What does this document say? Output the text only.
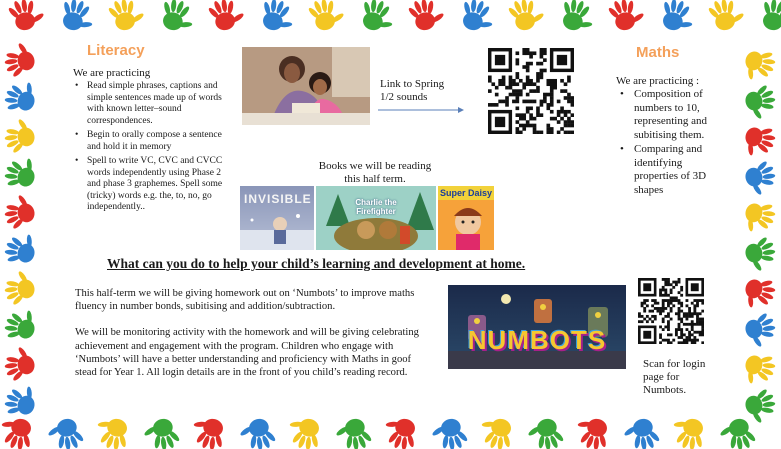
Literacy
We are practicing
• Read simple phrases, captions and simple sentences made up of words with known letter–sound correspondences.
• Begin to orally compose a sentence and hold it in memory
• Spell to write VC, CVC and CVCC words independently using Phase 2 and phase 3 graphemes. Spell some (tricky) words e.g. the, to, no, go independently..
Link to Spring 1/2 sounds
Maths
We are practicing :
• Composition of numbers to 10, representing and subitising them.
• Comparing and identifying properties of 3D shapes
Books we will be reading this half term.
INVISIBLE	Charlie the Firefighter
Super Daisy
What can you do to help your child’s learning and development at home.

This half-term we will be giving homework out on ‘Numbots’ to improve maths fluency in number bonds, subitising and addition/subtraction.

We will be monitoring activity with the homework and will be giving celebrating achievement and engagement with the program. Children who engage with ‘Numbots’ will have a better understanding and proficiency with Maths in goof stead for Year 1. All login details are in the front of you child’s reading record.

NUMBOTS
Scan for login page for Numbots.
